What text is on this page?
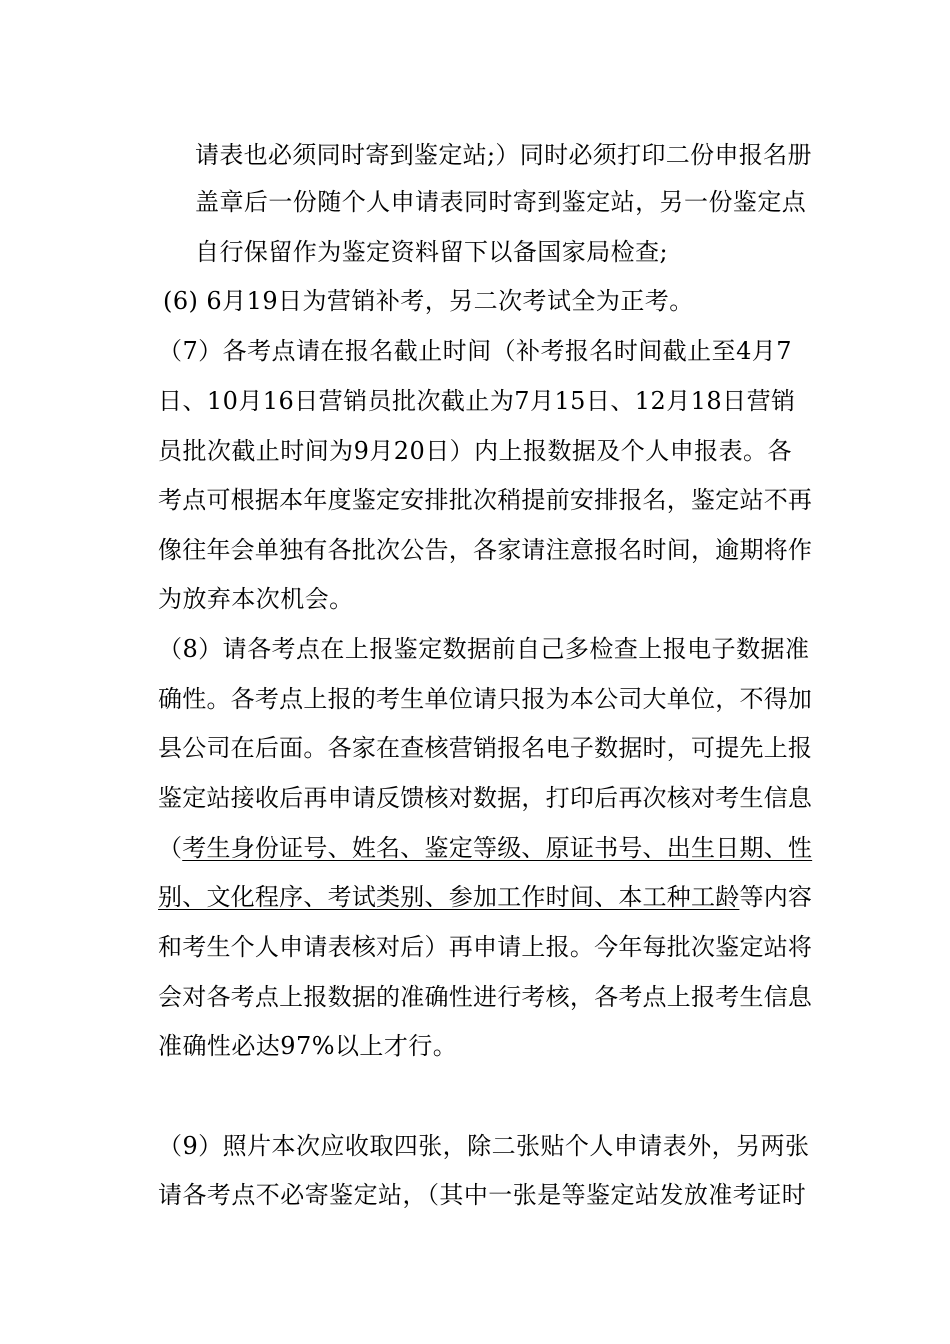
请表也必须同时寄到鉴定站;）同时必须打印二份申报名册
盖章后一份随个人申请表同时寄到鉴定站，另一份鉴定点
自行保留作为鉴定资料留下以备国家局检查;
(6) 6月19日为营销补考，另二次考试全为正考。
（7）各考点请在报名截止时间（补考报名时间截止至4月7
日、10月16日营销员批次截止为7月15日、12月18日营销
员批次截止时间为9月20日）内上报数据及个人申报表。各
考点可根据本年度鉴定安排批次稍提前安排报名，鉴定站不再
像往年会单独有各批次公告，各家请注意报名时间，逾期将作
为放弃本次机会。
（8）请各考点在上报鉴定数据前自己多检查上报电子数据准
确性。各考点上报的考生单位请只报为本公司大单位，不得加
县公司在后面。各家在查核营销报名电子数据时，可提先上报
鉴定站接收后再申请反馈核对数据，打印后再次核对考生信息
（考生身份证号、姓名、鉴定等级、原证书号、出生日期、性
别、文化程序、考试类别、参加工作时间、本工种工龄等内容
和考生个人申请表核对后）再申请上报。今年每批次鉴定站将
会对各考点上报数据的准确性进行考核，各考点上报考生信息
准确性必达97%以上才行。
（9）照片本次应收取四张，除二张贴个人申请表外，另两张
请各考点不必寄鉴定站，（其中一张是等鉴定站发放准考证时
